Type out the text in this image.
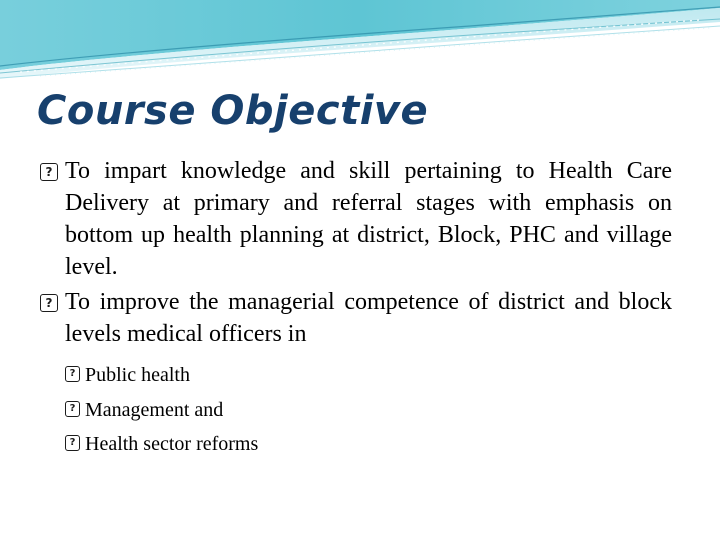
Course Objective
? To impart knowledge and skill pertaining to Health Care Delivery at primary and referral stages with emphasis on bottom up health planning at district, Block, PHC and village level.
? To improve the managerial competence of district and block levels medical officers in
? Public health
? Management and
? Health sector reforms
